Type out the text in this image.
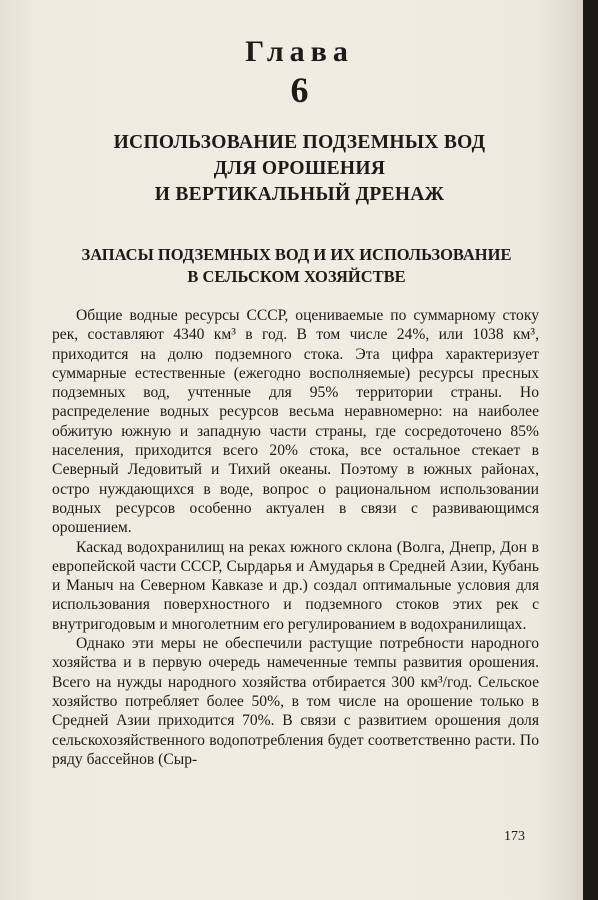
Глава
6
ИСПОЛЬЗОВАНИЕ ПОДЗЕМНЫХ ВОД
ДЛЯ ОРОШЕНИЯ
И ВЕРТИКАЛЬНЫЙ ДРЕНАЖ
ЗАПАСЫ ПОДЗЕМНЫХ ВОД И ИХ ИСПОЛЬЗОВАНИЕ
В СЕЛЬСКОМ ХОЗЯЙСТВЕ

Общие водные ресурсы СССР, оцениваемые по суммарному стоку рек, составляют 4340 км³ в год. В том числе 24%, или 1038 км³, приходится на долю подземного стока. Эта цифра характеризует суммарные естественные (ежегодно восполняемые) ресурсы пресных подземных вод, учтенные для 95% территории страны. Но распределение водных ресурсов весьма неравномерно: на наиболее обжитую южную и западную части страны, где сосредоточено 85% населения, приходится всего 20% стока, все остальное стекает в Северный Ледовитый и Тихий океаны. Поэтому в южных районах, остро нуждающихся в воде, вопрос о рациональном использовании водных ресурсов особенно актуален в связи с развивающимся орошением.

Каскад водохранилищ на реках южного склона (Волга, Днепр, Дон в европейской части СССР, Сырдарья и Амударья в Средней Азии, Кубань и Маныч на Северном Кавказе и др.) создал оптимальные условия для использования поверхностного и подземного стоков этих рек с внутригодовым и многолетним его регулированием в водохранилищах.

Однако эти меры не обеспечили растущие потребности народного хозяйства и в первую очередь намеченные темпы развития орошения. Всего на нужды народного хозяйства отбирается 300 км³/год. Сельское хозяйство потребляет более 50%, в том числе на орошение только в Средней Азии приходится 70%. В связи с развитием орошения доля сельскохозяйственного водопотребления будет соответственно расти. По ряду бассейнов (Сыр-

173
